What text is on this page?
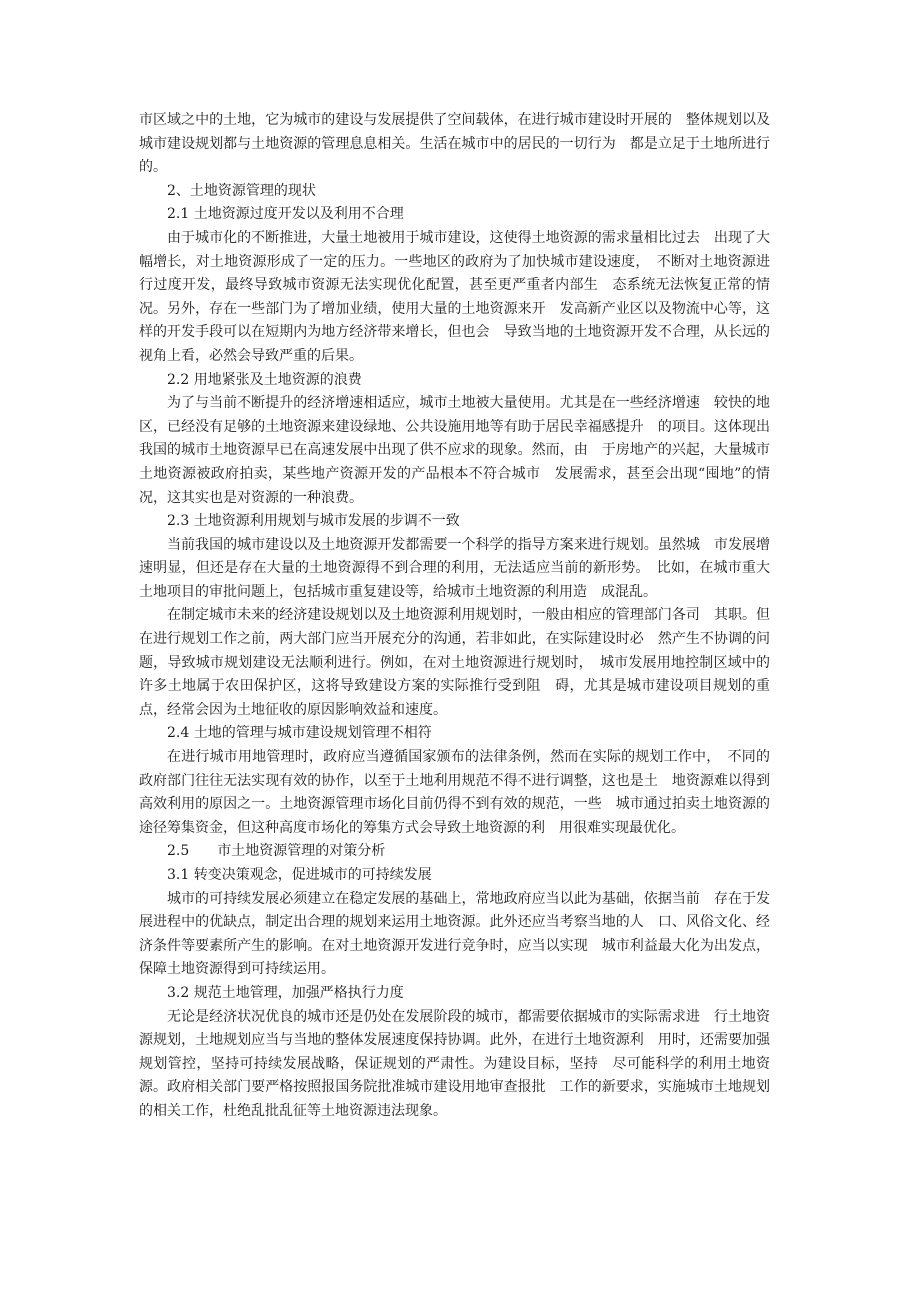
市区域之中的土地，它为城市的建设与发展提供了空间载体，在进行城市建设时开展的　整体规划以及城市建设规划都与土地资源的管理息息相关。生活在城市中的居民的一切行为　都是立足于土地所进行的。

2、土地资源管理的现状

2.1 土地资源过度开发以及利用不合理

由于城市化的不断推进，大量土地被用于城市建设，这使得土地资源的需求量相比过去　出现了大幅增长，对土地资源形成了一定的压力。一些地区的政府为了加快城市建设速度，　不断对土地资源进行过度开发，最终导致城市资源无法实现优化配置，甚至更严重者内部生　态系统无法恢复正常的情况。另外，存在一些部门为了增加业绩，使用大量的土地资源来开　发高新产业区以及物流中心等，这样的开发手段可以在短期内为地方经济带来增长，但也会　导致当地的土地资源开发不合理，从长远的视角上看，必然会导致严重的后果。

2.2 用地紧张及土地资源的浪费

为了与当前不断提升的经济增速相适应，城市土地被大量使用。尤其是在一些经济增速　较快的地区，已经没有足够的土地资源来建设绿地、公共设施用地等有助于居民幸福感提升　的项目。这体现出我国的城市土地资源早已在高速发展中出现了供不应求的现象。然而，由　于房地产的兴起，大量城市土地资源被政府拍卖，某些地产资源开发的产品根本不符合城市　发展需求，甚至会出现“囤地”的情况，这其实也是对资源的一种浪费。

2.3 土地资源利用规划与城市发展的步调不一致

当前我国的城市建设以及土地资源开发都需要一个科学的指导方案来进行规划。虽然城　市发展增速明显，但还是存在大量的土地资源得不到合理的利用，无法适应当前的新形势。　比如，在城市重大土地项目的审批问题上，包括城市重复建设等，给城市土地资源的利用造　成混乱。

在制定城市未来的经济建设规划以及土地资源利用规划时，一般由相应的管理部门各司　其职。但在进行规划工作之前，两大部门应当开展充分的沟通，若非如此，在实际建设时必　然产生不协调的问题，导致城市规划建设无法顺利进行。例如，在对土地资源进行规划时，　城市发展用地控制区域中的许多土地属于农田保护区，这将导致建设方案的实际推行受到阻　碍，尤其是城市建设项目规划的重点，经常会因为土地征收的原因影响效益和速度。

2.4 土地的管理与城市建设规划管理不相符

在进行城市用地管理时，政府应当遵循国家颁布的法律条例，然而在实际的规划工作中，　不同的政府部门往往无法实现有效的协作，以至于土地利用规范不得不进行调整，这也是土　地资源难以得到高效利用的原因之一。土地资源管理市场化目前仍得不到有效的规范，一些　城市通过拍卖土地资源的途径筹集资金，但这种高度市场化的筹集方式会导致土地资源的利　用很难实现最优化。

2.5　　市土地资源管理的对策分析

3.1 转变决策观念，促进城市的可持续发展

城市的可持续发展必须建立在稳定发展的基础上，常地政府应当以此为基础，依据当前　存在于发展进程中的优缺点，制定出合理的规划来运用土地资源。此外还应当考察当地的人　口、风俗文化、经济条件等要素所产生的影响。在对土地资源开发进行竞争时，应当以实现　城市利益最大化为出发点，保障土地资源得到可持续运用。

3.2 规范土地管理，加强严格执行力度

无论是经济状况优良的城市还是仍处在发展阶段的城市，都需要依据城市的实际需求进　行土地资源规划，土地规划应当与当地的整体发展速度保持协调。此外，在进行土地资源利　用时，还需要加强规划管控，坚持可持续发展战略，保证规划的严肃性。为建设目标，坚持　尽可能科学的利用土地资源。政府相关部门要严格按照报国务院批准城市建设用地审查报批　工作的新要求，实施城市土地规划的相关工作，杜绝乱批乱征等土地资源违法现象。
